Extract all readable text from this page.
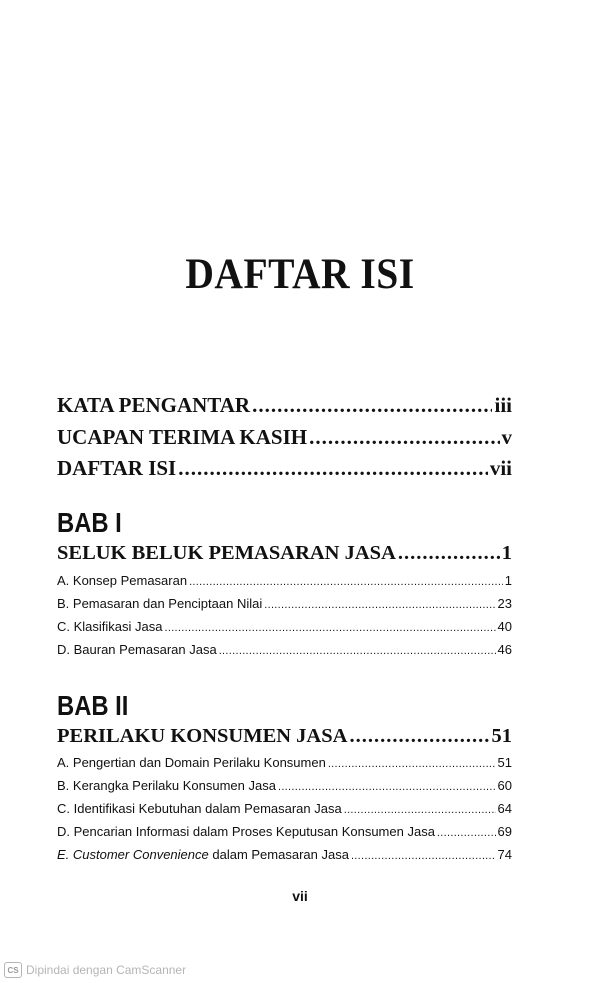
DAFTAR ISI
KATA PENGANTAR .....	iii
UCAPAN TERIMA KASIH .....	v
DAFTAR ISI .....	vii
BAB I
SELUK BELUK PEMASARAN JASA .....	1
A. Konsep Pemasaran .....	1
B. Pemasaran dan Penciptaan Nilai .....	23
C. Klasifikasi Jasa .....	40
D. Bauran Pemasaran Jasa .....	46
BAB II
PERILAKU KONSUMEN JASA .....	51
A. Pengertian dan Domain Perilaku Konsumen .....	51
B. Kerangka Perilaku Konsumen Jasa .....	60
C. Identifikasi Kebutuhan dalam Pemasaran Jasa .....	64
D. Pencarian Informasi dalam Proses Keputusan Konsumen Jasa .....	69
E. Customer Convenience dalam Pemasaran Jasa .....	74
vii
CS Dipindai dengan CamScanner
